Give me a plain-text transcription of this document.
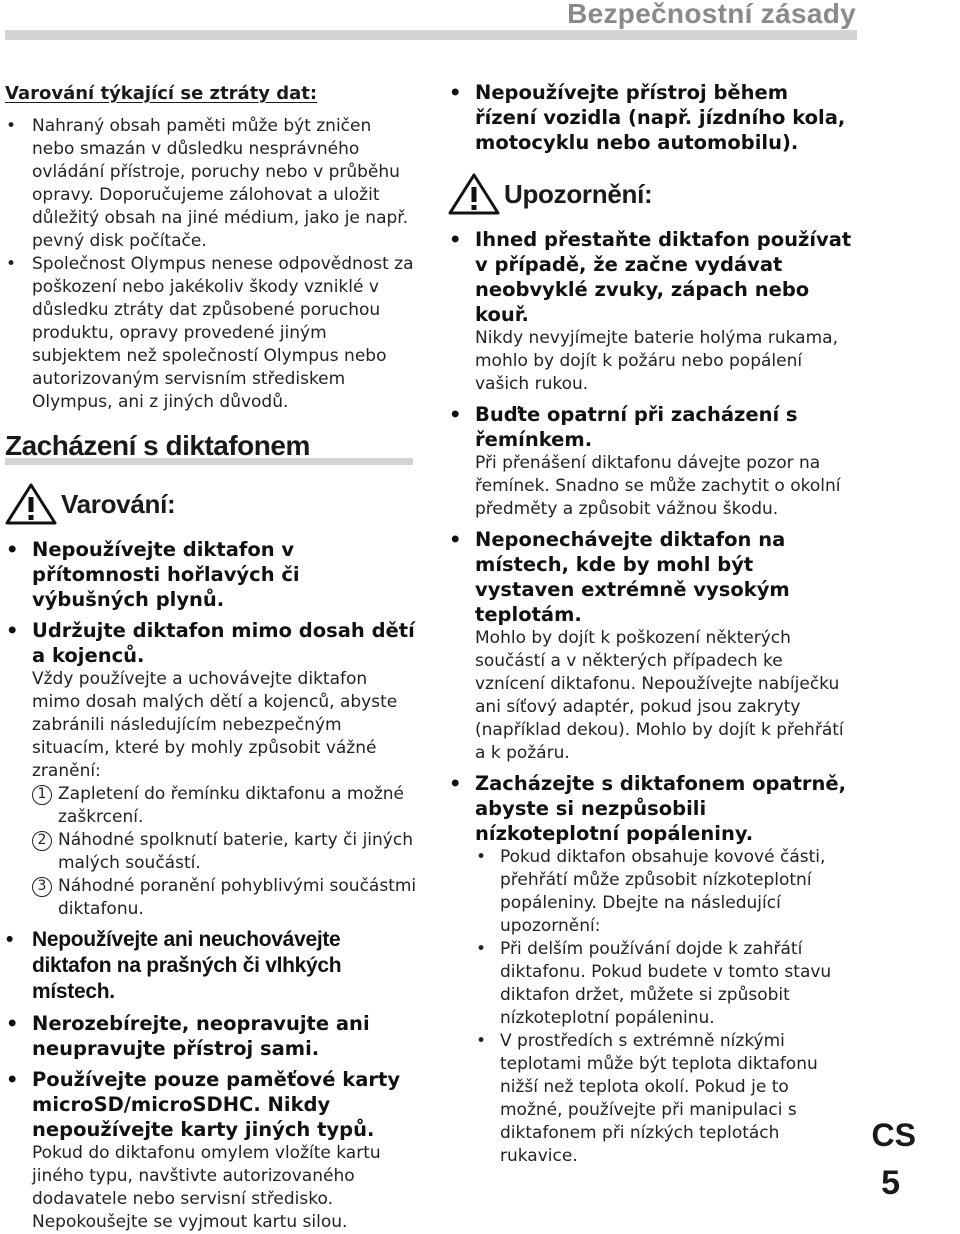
Bezpečnostní zásady
Varování týkající se ztráty dat:
• Nahraný obsah paměti může být zničen nebo smazán v důsledku nesprávného ovládání přístroje, poruchy nebo v průběhu opravy. Doporučujeme zálohovat a uložit důležitý obsah na jiné médium, jako je např. pevný disk počítače.
• Společnost Olympus nenese odpovědnost za poškození nebo jakékoliv škody vzniklé v důsledku ztráty dat způsobené poruchou produktu, opravy provedené jiným subjektem než společností Olympus nebo autorizovaným servisním střediskem Olympus, ani z jiných důvodů.
Zacházení s diktafonem
Varování:
• Nepoužívejte diktafon v přítomnosti hořlavých či výbušných plynů.
• Udržujte diktafon mimo dosah dětí a kojenců.
Vždy používejte a uchovávejte diktafon mimo dosah malých dětí a kojenců, abyste zabránili následujícím nebezpečným situacím, které by mohly způsobit vážné zranění:
1 Zapletení do řemínku diktafonu a možné zaškrcení.
2 Náhodné spolknutí baterie, karty či jiných malých součástí.
3 Náhodné poranění pohyblivými součástmi diktafonu.
• Nepoužívejte ani neuchovávejte diktafon na prašných či vlhkých místech.
• Nerozebírejte, neopravujte ani neupravujte přístroj sami.
• Používejte pouze paměťové karty microSD/microSDHC. Nikdy nepoužívejte karty jiných typů.
Pokud do diktafonu omylem vložíte kartu jiného typu, navštivte autorizovaného dodavatele nebo servisní středisko. Nepokoušejte se vyjmout kartu silou.
• Nepoužívejte přístroj během řízení vozidla (např. jízdního kola, motocyklu nebo automobilu).
Upozornění:
• Ihned přestaňte diktafon používat v případě, že začne vydávat neobvyklé zvuky, zápach nebo kouř.
Nikdy nevyjímejte baterie holýma rukama, mohlo by dojít k požáru nebo popálení vašich rukou.
• Buďte opatrní při zacházení s řemínkem.
Při přenášení diktafonu dávejte pozor na řemínek. Snadno se může zachytit o okolní předměty a způsobit vážnou škodu.
• Neponechávejte diktafon na místech, kde by mohl být vystaven extrémně vysokým teplotám.
Mohlo by dojít k poškození některých součástí a v některých případech ke vznícení diktafonu. Nepoužívejte nabíječku ani síťový adaptér, pokud jsou zakryty (například dekou). Mohlo by dojít k přehřátí a k požáru.
• Zacházejte s diktafonem opatrně, abyste si nezpůsobili nízkoteplotní popáleniny.
• Pokud diktafon obsahuje kovové části, přehřátí může způsobit nízkoteplotní popáleniny. Dbejte na následující upozornění:
• Při delším používání dojde k zahřátí diktafonu. Pokud budete v tomto stavu diktafon držet, můžete si způsobit nízkoteplotní popáleninu.
• V prostředích s extrémně nízkými teplotami může být teplota diktafonu nižší než teplota okolí. Pokud je to možné, používejte při manipulaci s diktafonem při nízkých teplotách rukavice.
CS
5
